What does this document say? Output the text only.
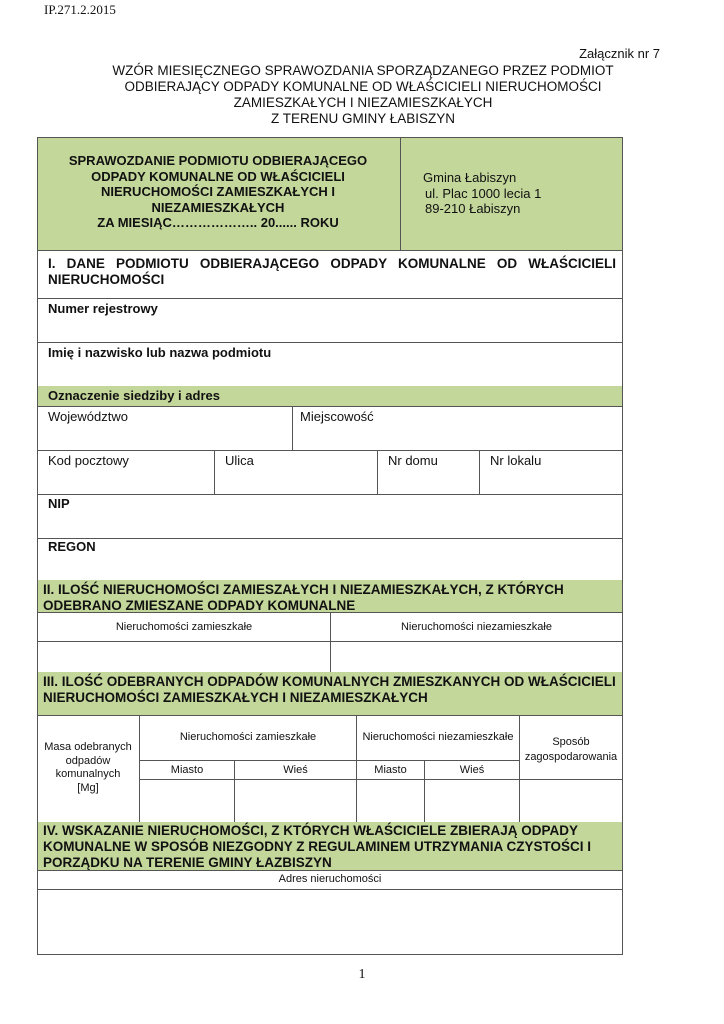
IP.271.2.2015
Załącznik nr 7
WZÓR MIESIĘCZNEGO SPRAWOZDANIA SPORZĄDZANEGO PRZEZ PODMIOT
ODBIERAJĄCY ODPADY KOMUNALNE OD WŁAŚCICIELI NIERUCHOMOŚCI
ZAMIESZKAŁYCH I NIEZAMIESZKAŁYCH
Z TERENU GMINY ŁABISZYN
SPRAWOZDANIE PODMIOTU ODBIERAJĄCEGO
ODPADY KOMUNALNE OD WŁAŚCICIELI
NIERUCHOMOŚCI ZAMIESZKAŁYCH I
NIEZAMIESZKAŁYCH
ZA MIESIĄC……………….. 20...... ROKU
Gmina Łabiszyn
ul. Plac 1000 lecia 1
89-210 Łabiszyn
I. DANE PODMIOTU ODBIERAJĄCEGO ODPADY KOMUNALNE OD WŁAŚCICIELI NIERUCHOMOŚCI
Numer rejestrowy
Imię i nazwisko lub nazwa podmiotu
Oznaczenie siedziby i adres
Województwo	Miejscowość
Kod pocztowy	Ulica	Nr domu	Nr lokalu
NIP
REGON
II. ILOŚĆ NIERUCHOMOŚCI ZAMIESZAŁYCH I NIEZAMIESZKAŁYCH, Z KTÓRYCH ODEBRANO ZMIESZANE ODPADY KOMUNALNE
Nieruchomości zamieszkałe	Nieruchomości niezamieszkałe
III. ILOŚĆ ODEBRANYCH ODPADÓW KOMUNALNYCH ZMIESZKANYCH OD WŁAŚCICIELI NIERUCHOMOŚCI ZAMIESZKAŁYCH I NIEZAMIESZKAŁYCH
Masa odebranych
odpadów
komunalnych
[Mg]
Nieruchomości zamieszkałe	Nieruchomości niezamieszkałe	Sposób
zagospodarowania
Miasto	Wieś	Miasto	Wieś
IV. WSKAZANIE NIERUCHOMOŚCI, Z KTÓRYCH WŁAŚCICIELE ZBIERAJĄ ODPADY KOMUNALNE W SPOSÓB NIEZGODNY Z REGULAMINEM UTRZYMANIA CZYSTOŚCI I PORZĄDKU NA TERENIE GMINY ŁAZBISZYN
Adres nieruchomości
1
